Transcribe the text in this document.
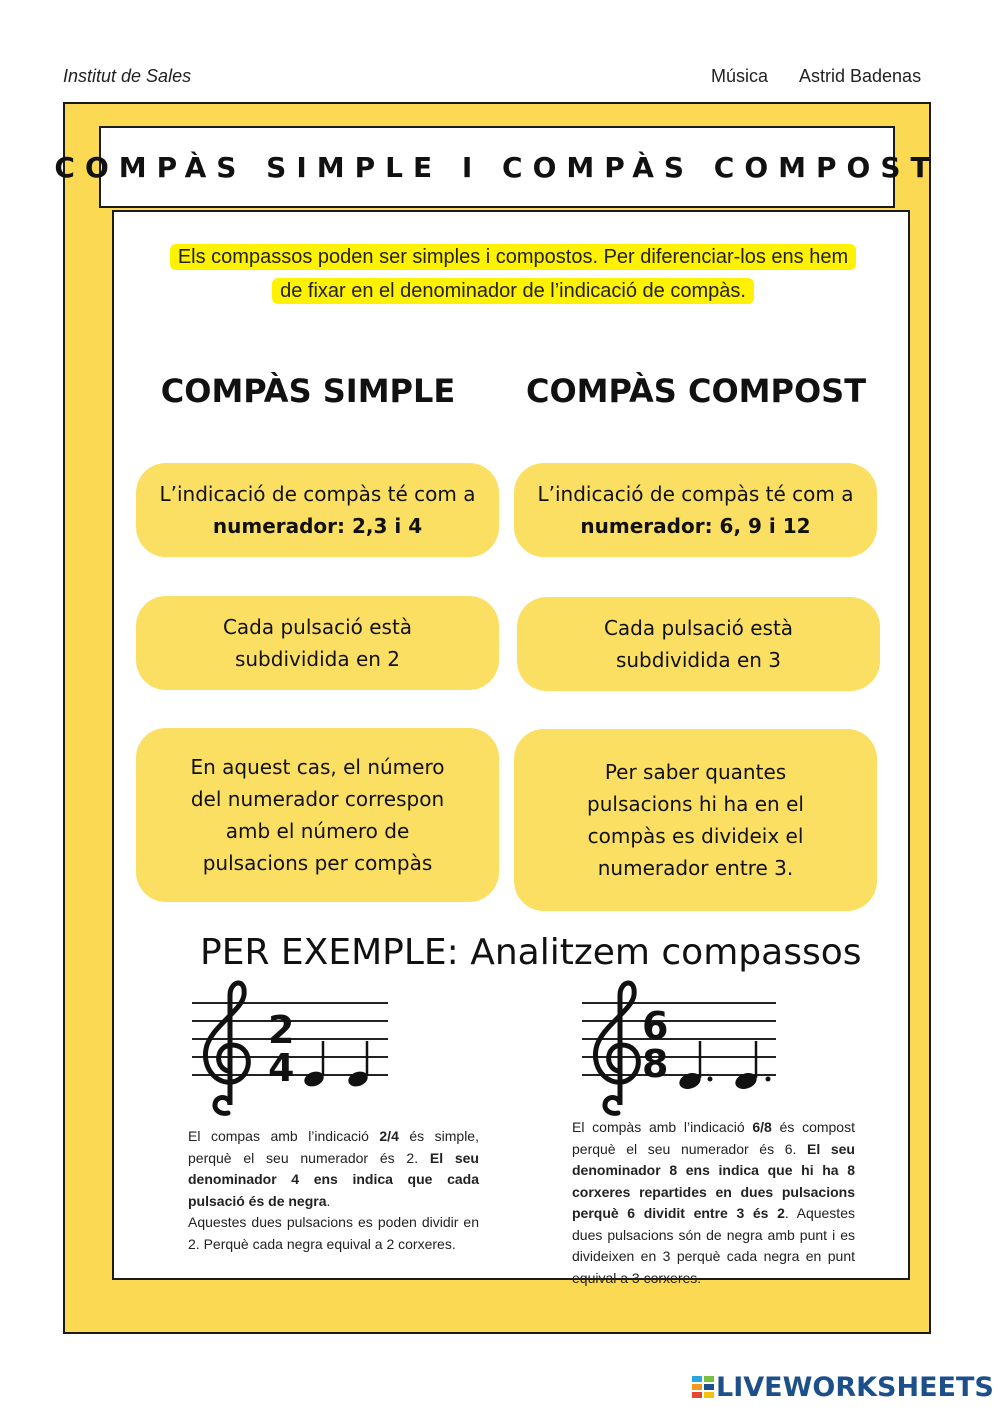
Institut de Sales	Música Astrid Badenas
COMPÀS SIMPLE I COMPÀS COMPOST
Els compassos poden ser simples i compostos. Per diferenciar-los ens hem
de fixar en el denominador de l’indicació de compàs.
COMPÀS SIMPLE	COMPÀS COMPOST
L’indicació de compàs té com a numerador: 2,3 i 4
Cada pulsació està
subdividida en 2
En aquest cas, el número
del numerador correspon
amb el número de
pulsacions per compàs
L’indicació de compàs té com a numerador: 6, 9 i 12
Cada pulsació està
subdividida en 3
Per saber quantes
pulsacions hi ha en el
compàs es divideix el
numerador entre 3.
PER EXEMPLE: Analitzem compassos
2
4
6
8
El compas amb l’indicació 2/4 és simple, perquè el seu numerador és 2. El seu denominador 4 ens indica que cada pulsació és de negra.
Aquestes dues pulsacions es poden dividir en 2. Perquè cada negra equival a 2 corxeres.
El compàs amb l’indicació 6/8 és compost perquè el seu numerador és 6. El seu denominador 8 ens indica que hi ha 8 corxeres repartides en dues pulsacions perquè 6 dividit entre 3 és 2. Aquestes dues pulsacions són de negra amb punt i es divideixen en 3 perquè cada negra en punt equival a 3 corxeres.
LIVEWORKSHEETS
